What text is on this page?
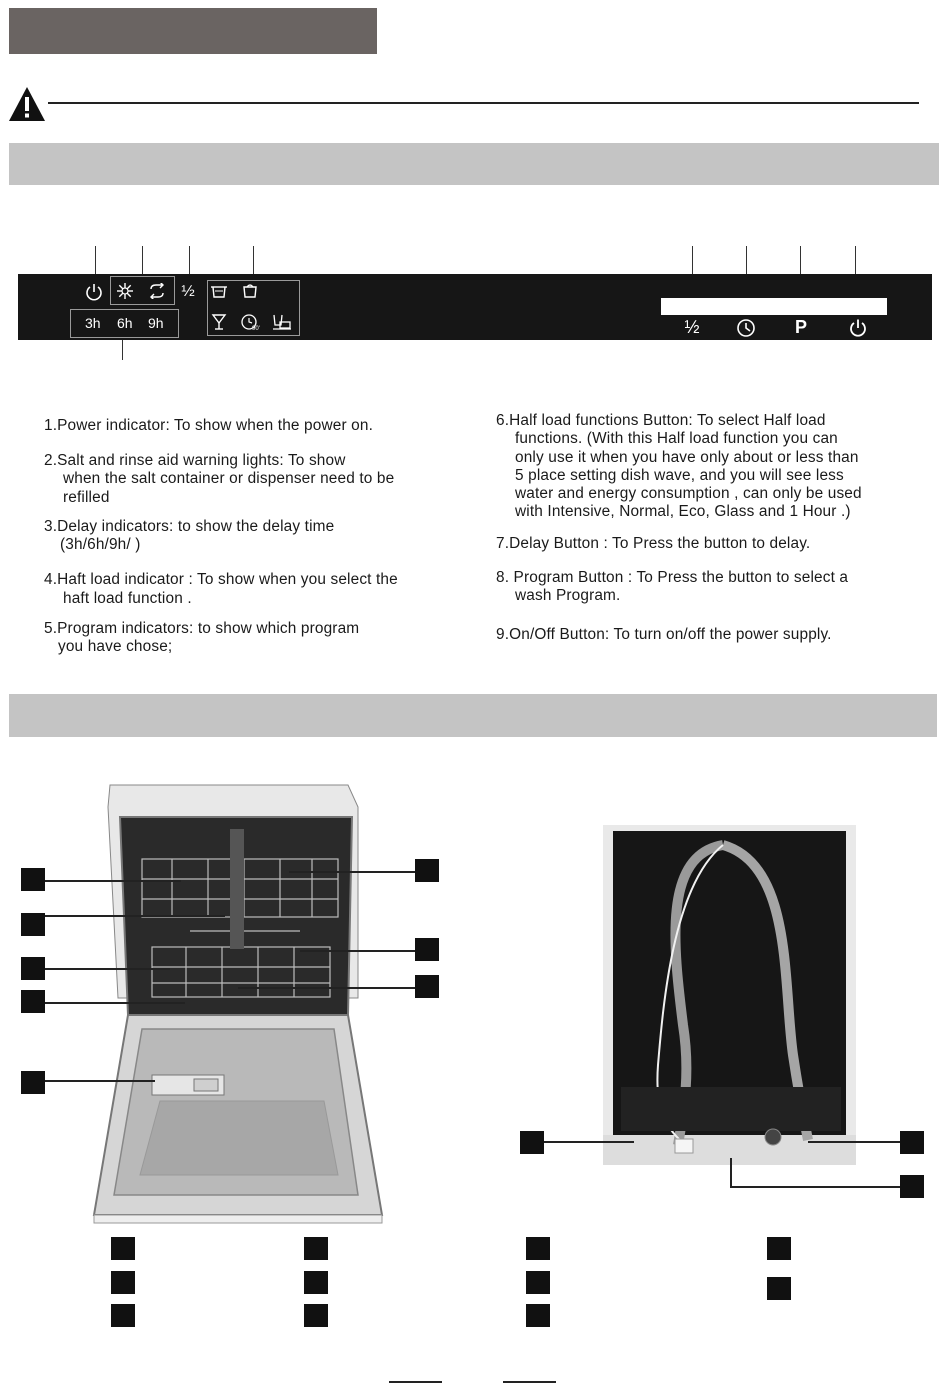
½
90'
3h 6h 9h	½	P
1.Power indicator: To show when the power on.
2.Salt and rinse aid warning lights: To show
when the salt container or dispenser need to be
refilled
3.Delay indicators: to show the delay time
(3h/6h/9h/ )
4.Haft load indicator : To show when you select the
haft load function .
5.Program indicators: to show which program
you have chose;
6.Half load functions Button: To select Half load
functions. (With this Half load function you can
only use it when you have only about or less than
5 place setting dish wave, and you will see less
water and energy consumption , can only be used
with Intensive, Normal, Eco, Glass and 1 Hour .)
7.Delay Button : To Press the button to delay.
8. Program Button : To Press the button to select a
wash Program.
9.On/Off Button: To turn on/off the power supply.
